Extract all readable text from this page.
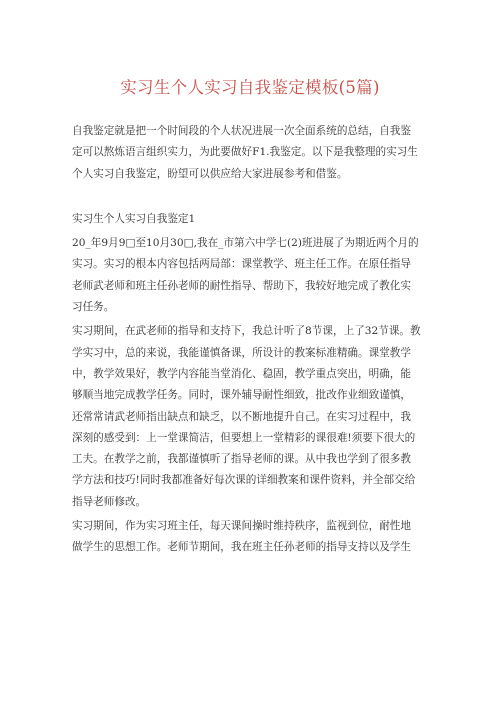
实习生个人实习自我鉴定模板(5篇)
自我鉴定就是把一个时间段的个人状况进展一次全面系统的总结，自我鉴
定可以熬炼语言组织实力，为此要做好F1.我鉴定。以下是我整理的实习生
个人实习自我鉴定，盼望可以供应给大家进展参考和借鉴。
实习生个人实习自我鉴定1
20_年9月9□至10月30□,我在_市第六中学七(2)班进展了为期近两个月的
实习。实习的根本内容包括两局部：课堂教学、班主任工作。在原任指导
老师武老师和班主任孙老师的耐性指导、帮助下，我较好地完成了教化实
习任务。
实习期间，在武老师的指导和支持下，我总计听了8节课，上了32节课。教
学实习中，总的来说，我能谨慎备课，所设计的教案标准精确。课堂教学
中，教学效果好，教学内容能当堂消化、稳固，教学重点突出，明确，能
够顺当地完成教学任务。同时，课外辅导耐性细致，批改作业细致谨慎，
还常常请武老师指出缺点和缺乏，以不断地提升自己。在实习过程中，我
深刻的感受到：上一堂课简洁，但要想上一堂精彩的课很难!须要下很大的
工夫。在教学之前，我都谨慎听了指导老师的课。从中我也学到了很多教
学方法和技巧!同时我都准备好每次课的详细教案和课件资料，并全部交给
指导老师修改。
实习期间，作为实习班主任，每天课间操时维持秩序，监视到位，耐性地
做学生的思想工作。老师节期间，我在班主任孙老师的指导支持以及学生
